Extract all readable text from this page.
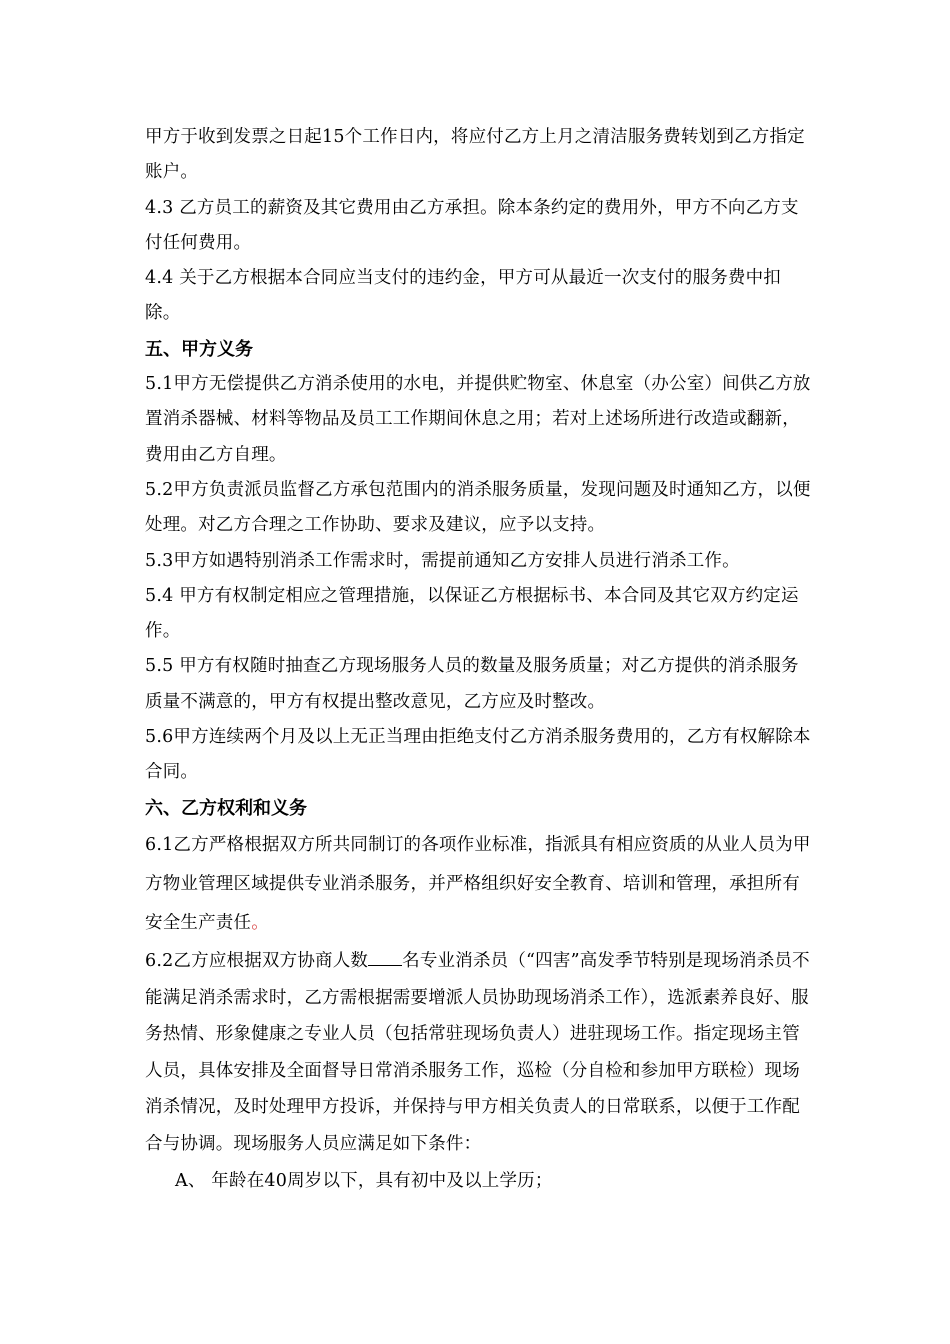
甲方于收到发票之日起15个工作日内，将应付乙方上月之清洁服务费转划到乙方指定账户。

4.3 乙方员工的薪资及其它费用由乙方承担。除本条约定的费用外，甲方不向乙方支付任何费用。

4.4 关于乙方根据本合同应当支付的违约金，甲方可从最近一次支付的服务费中扣除。

五、甲方义务

5.1甲方无偿提供乙方消杀使用的水电，并提供贮物室、休息室（办公室）间供乙方放置消杀器械、材料等物品及员工工作期间休息之用；若对上述场所进行改造或翻新，费用由乙方自理。

5.2甲方负责派员监督乙方承包范围内的消杀服务质量，发现问题及时通知乙方，以便处理。对乙方合理之工作协助、要求及建议，应予以支持。

5.3甲方如遇特别消杀工作需求时，需提前通知乙方安排人员进行消杀工作。

5.4 甲方有权制定相应之管理措施，以保证乙方根据标书、本合同及其它双方约定运作。

5.5 甲方有权随时抽查乙方现场服务人员的数量及服务质量；对乙方提供的消杀服务质量不满意的，甲方有权提出整改意见，乙方应及时整改。

5.6甲方连续两个月及以上无正当理由拒绝支付乙方消杀服务费用的，乙方有权解除本合同。

六、乙方权利和义务

6.1乙方严格根据双方所共同制订的各项作业标准，指派具有相应资质的从业人员为甲方物业管理区域提供专业消杀服务，并严格组织好安全教育、培训和管理，承担所有安全生产责任。

6.2乙方应根据双方协商人数 名专业消杀员（“四害”高发季节特别是现场消杀员不能满足消杀需求时，乙方需根据需要增派人员协助现场消杀工作），选派素养良好、服务热情、形象健康之专业人员（包括常驻现场负责人）进驻现场工作。指定现场主管人员，具体安排及全面督导日常消杀服务工作，巡检（分自检和参加甲方联检）现场消杀情况，及时处理甲方投诉，并保持与甲方相关负责人的日常联系，以便于工作配合与协调。现场服务人员应满足如下条件：

A、 年龄在40周岁以下，具有初中及以上学历；
